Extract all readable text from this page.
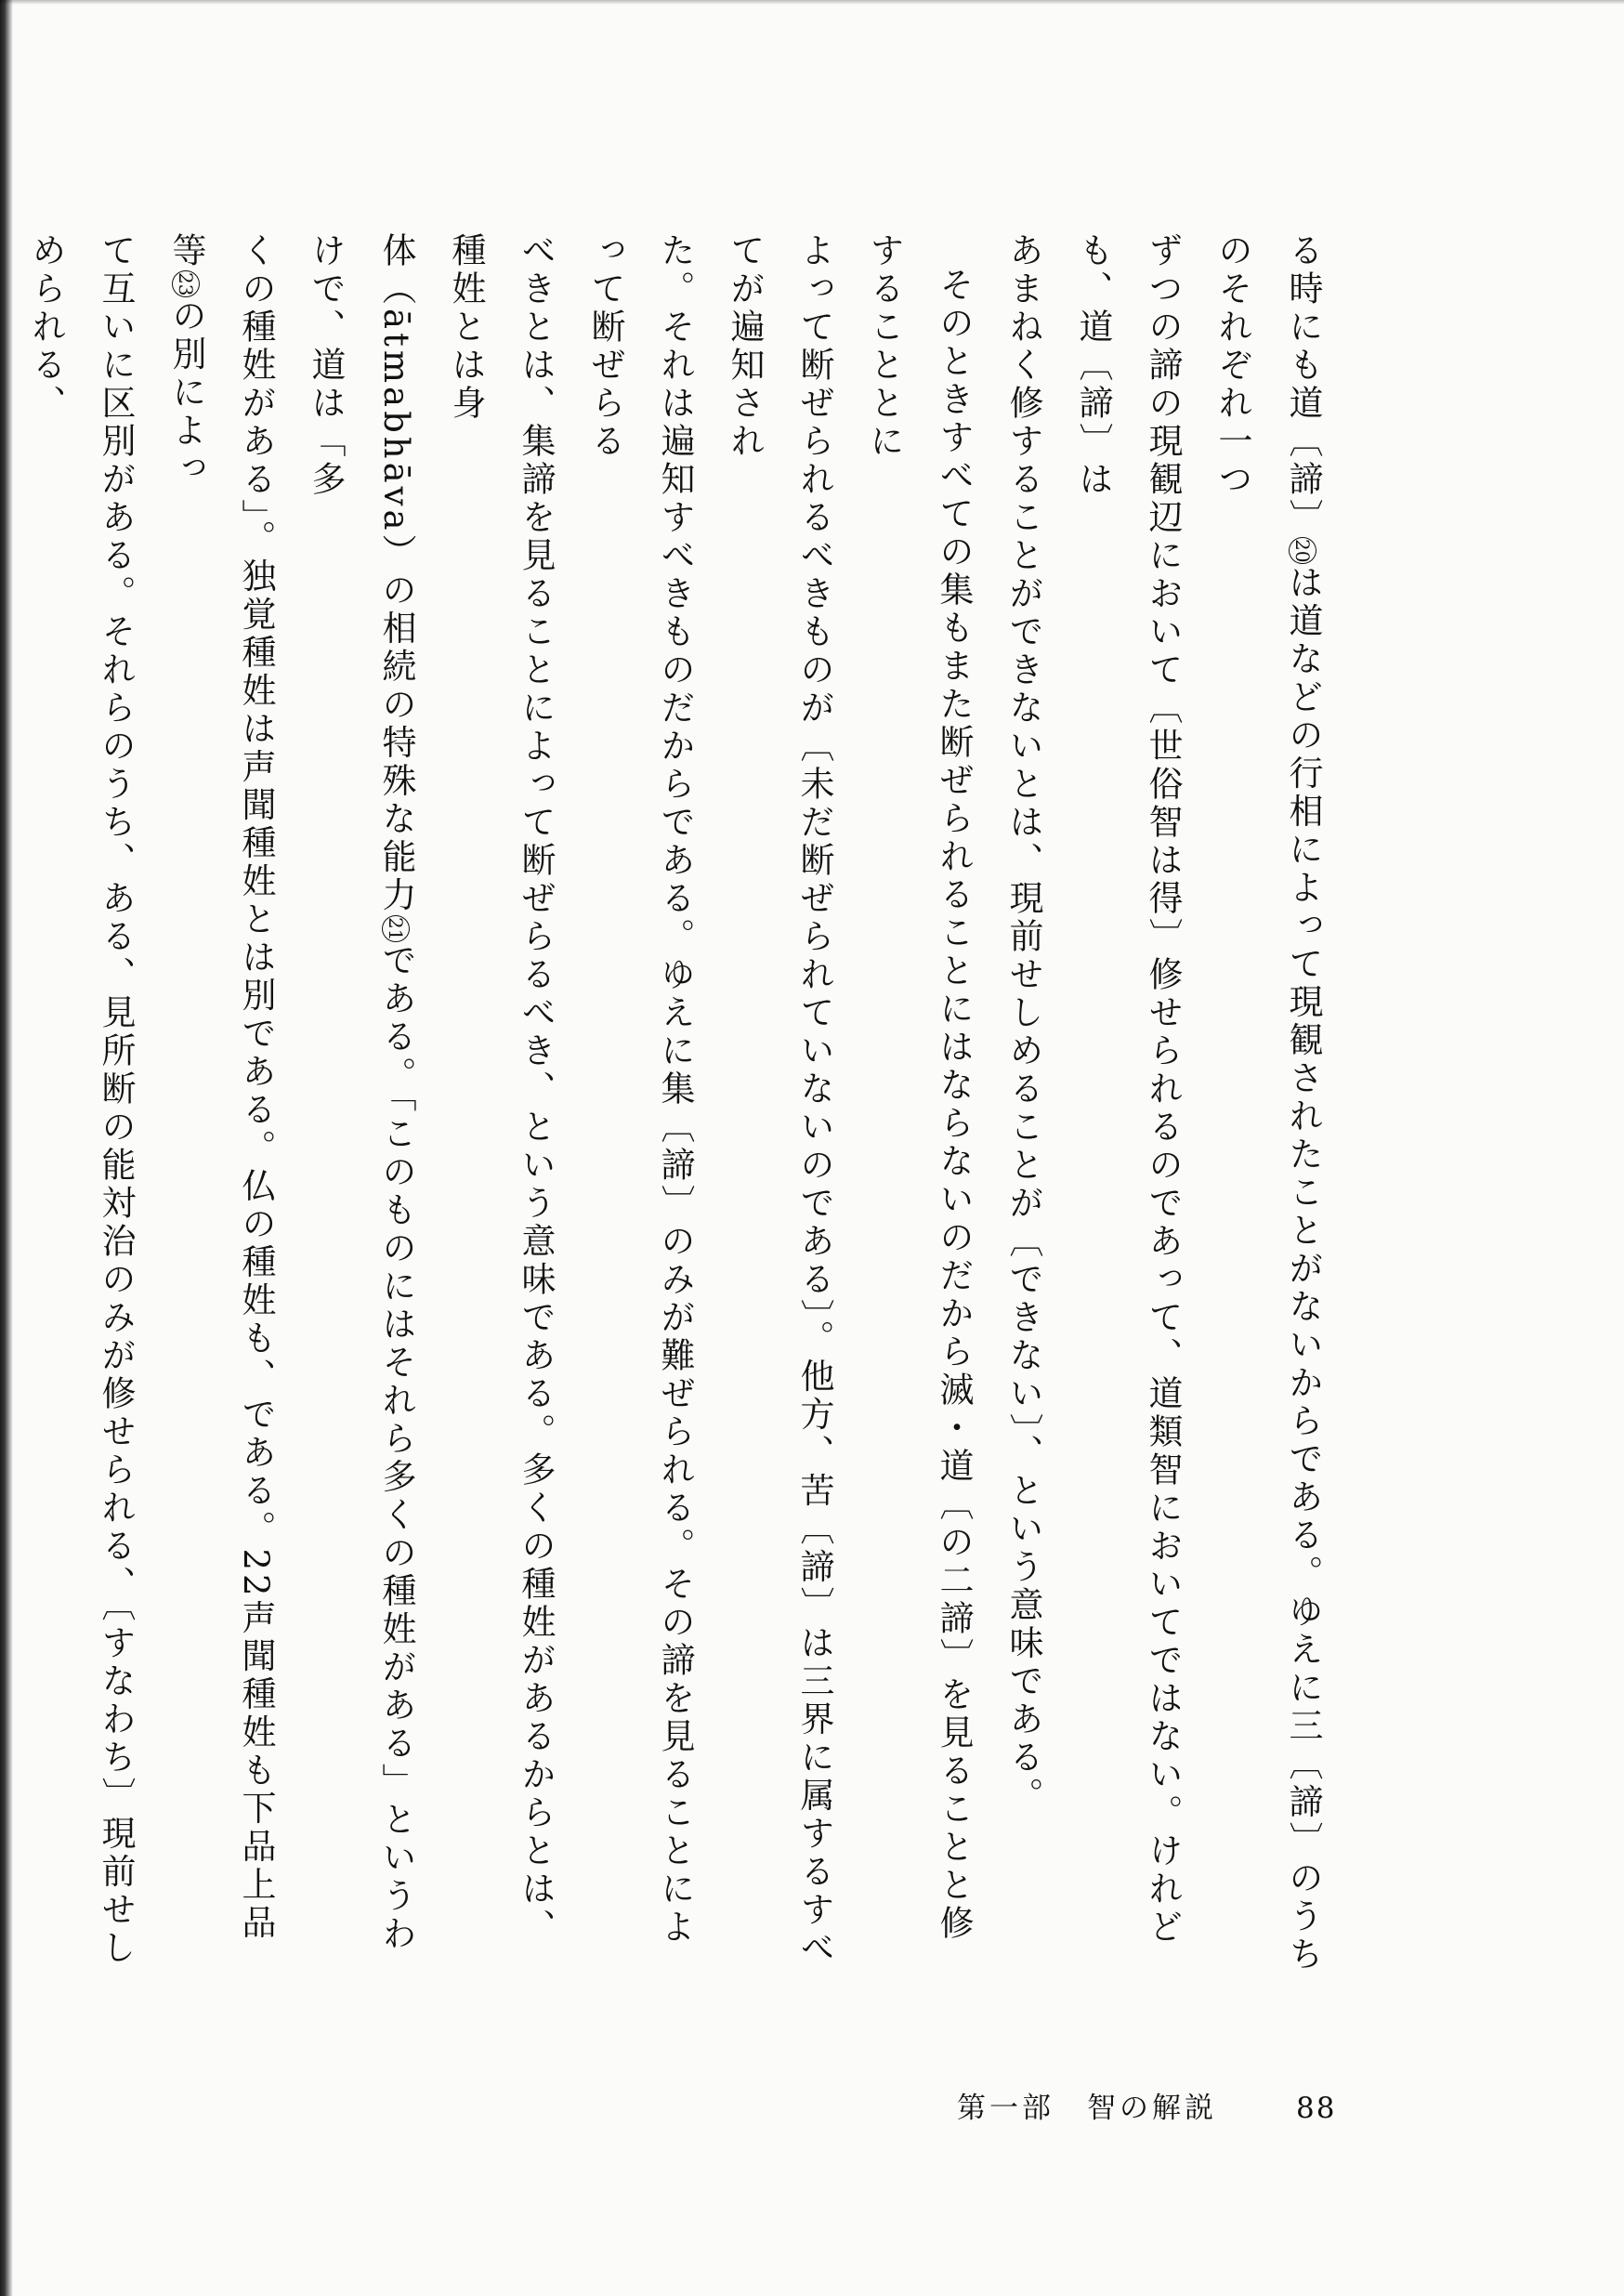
る時にも道〔諦〕20は道などの行相によって現観されたことがないからである。ゆえに三〔諦〕のうちのそれぞれ一つ
ずつの諦の現観辺において〔世俗智は得〕修せられるのであって、道類智においてではない。けれども、道〔諦〕は
あまねく修することができないとは、現前せしめることが〔できない〕、という意味である。
そのときすべての集もまた断ぜられることにはならないのだから滅・道〔の二諦〕を見ることと修することとに
よって断ぜられるべきものが〔未だ断ぜられていないのである〕。他方、苦〔諦〕は三界に属するすべてが遍知され
た。それは遍知すべきものだからである。ゆえに集〔諦〕のみが難ぜられる。その諦を見ることによって断ぜらる
べきとは、集諦を見ることによって断ぜらるべき、という意味である。多くの種姓があるからとは、種姓とは身
体（ātmabhāva）の相続の特殊な能力21である。「このものにはそれら多くの種姓がある」というわけで、道は「多
くの種姓がある」。独覚種姓は声聞種姓とは別である。仏の種姓も、である。22声聞種姓も下品上品等23の別によっ
て互いに区別がある。それらのうち、ある、見所断の能対治のみが修せられる、〔すなわち〕現前せしめられる、
第一部　智の解説	88
